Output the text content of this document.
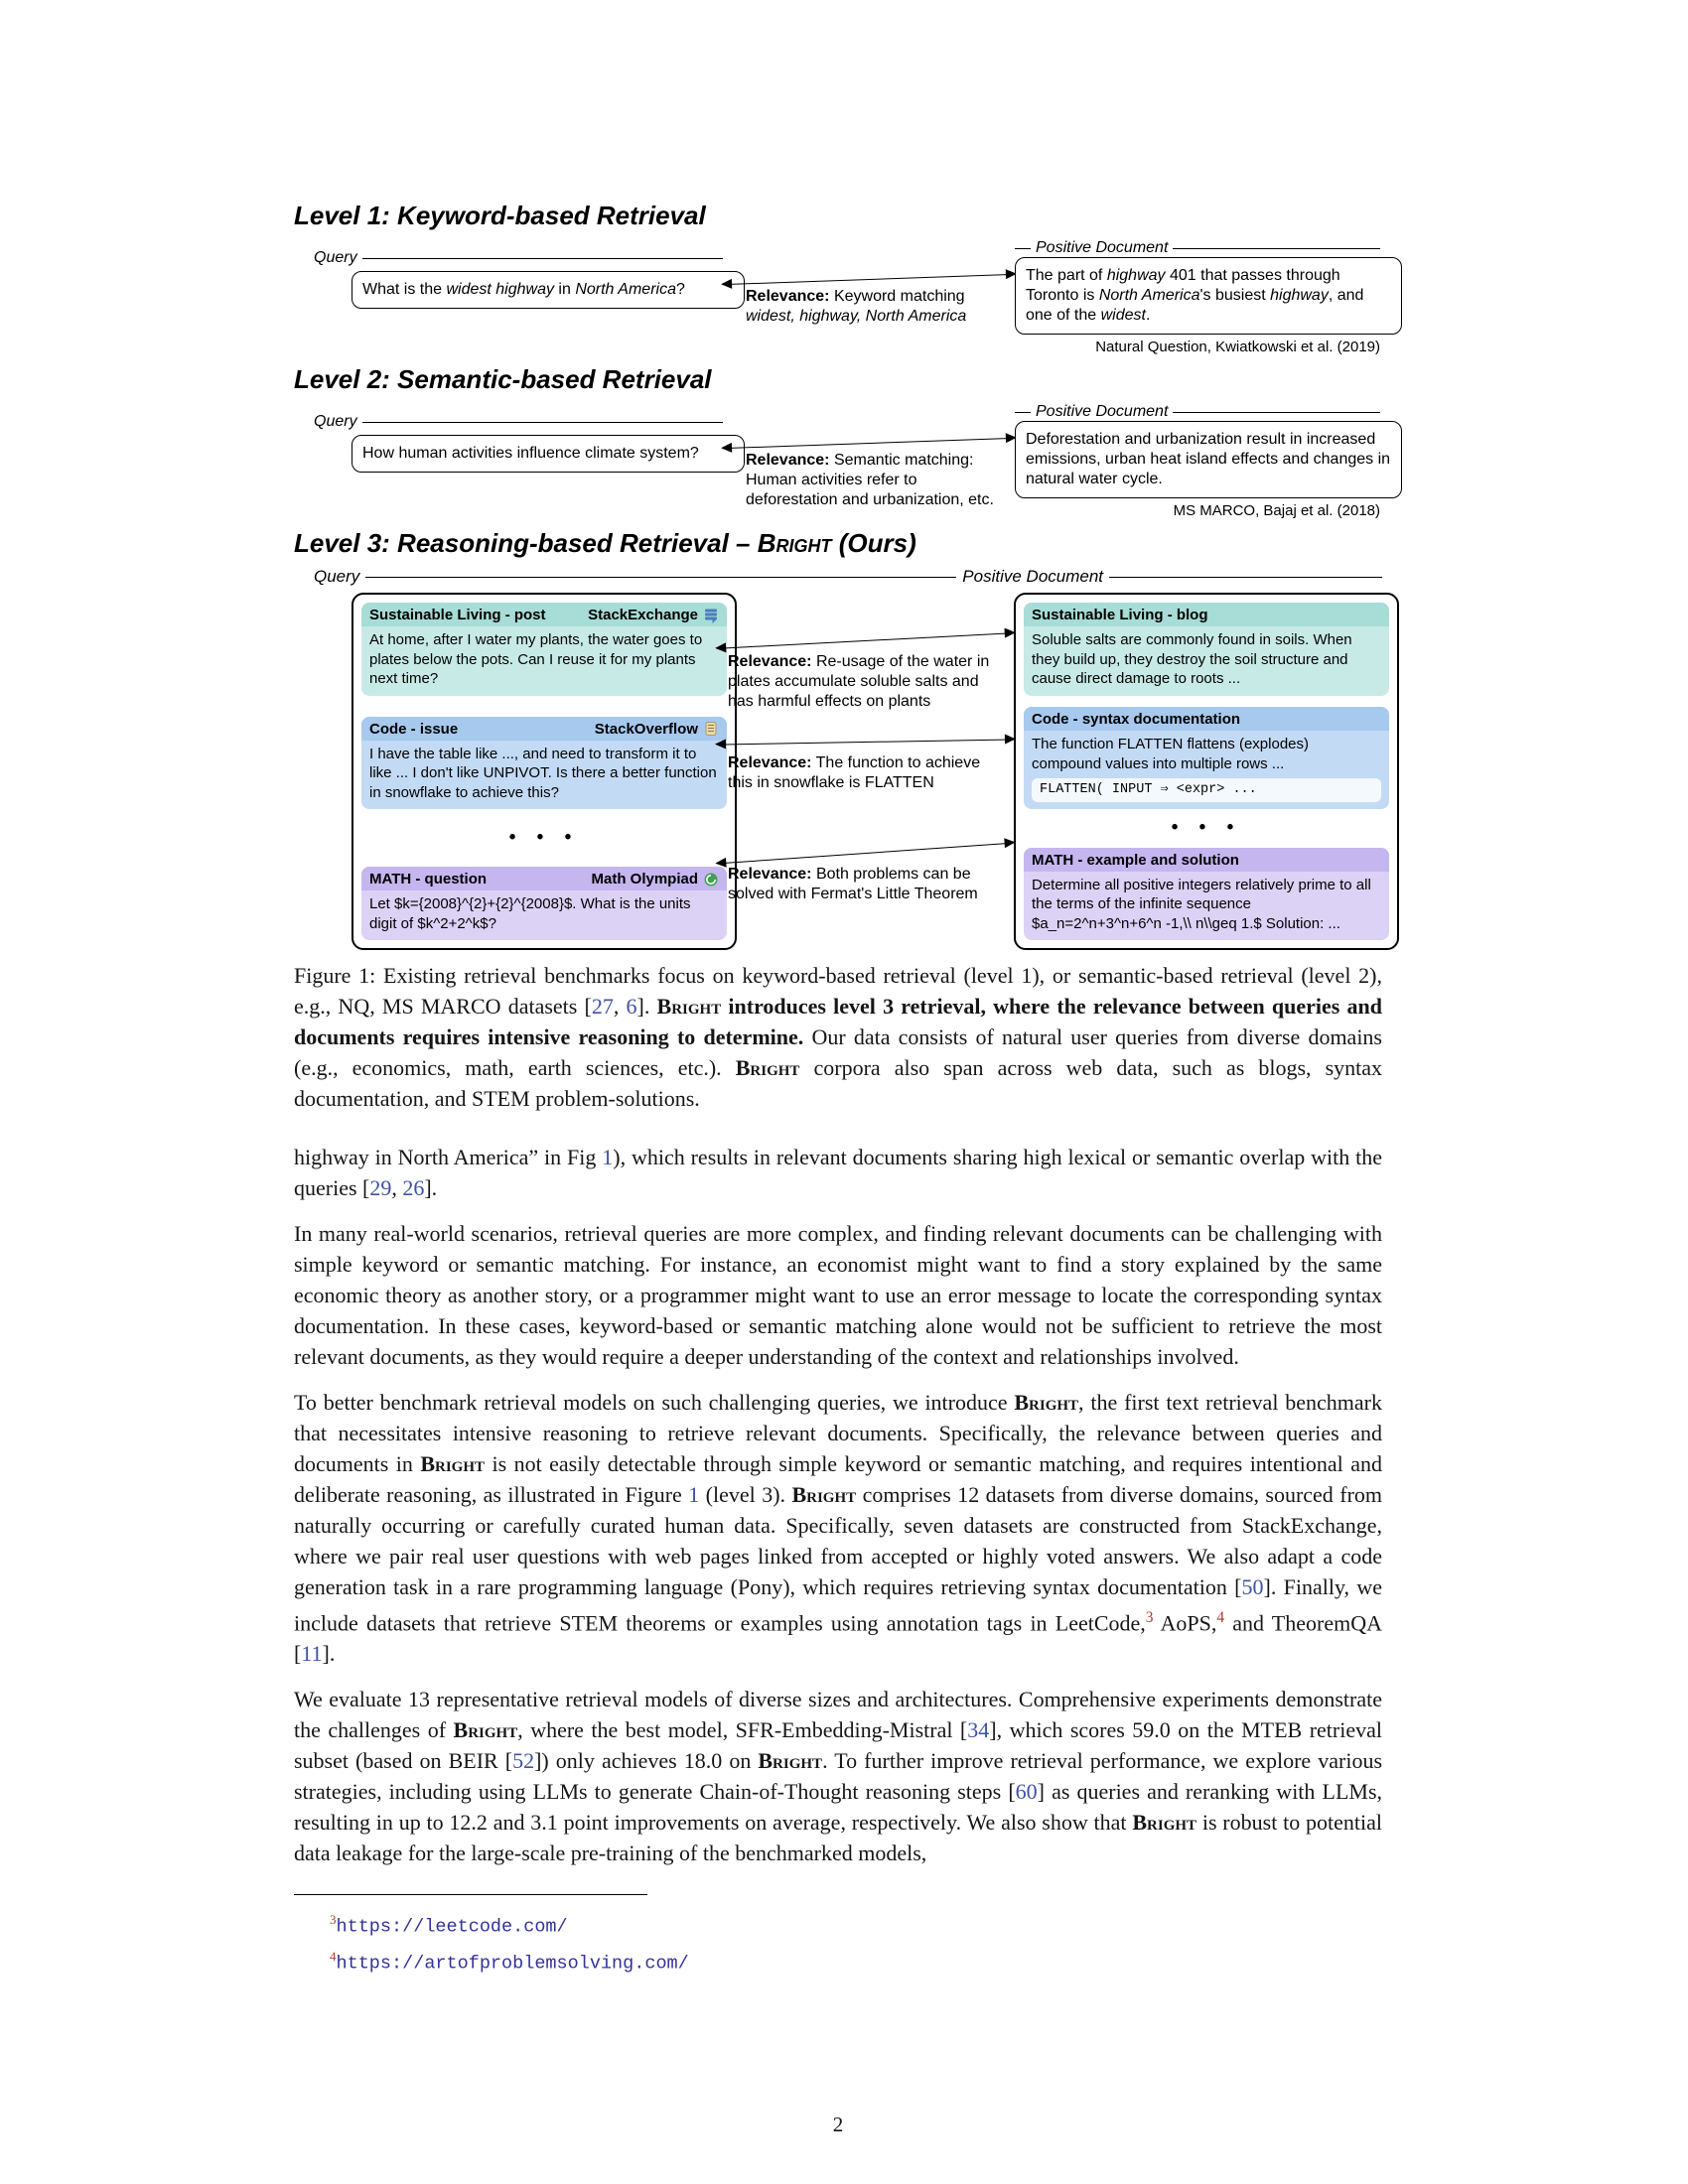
Level 1: Keyword-based Retrieval
Query
What is the widest highway in North America?	Relevance: Keyword matching widest, highway, North America
Positive Document
The part of highway 401 that passes through Toronto is North America's busiest highway, and one of the widest.
Natural Question, Kwiatkowski et al. (2019)
Level 2: Semantic-based Retrieval
Query
How human activities influence climate system?	Relevance: Semantic matching: Human activities refer to deforestation and urbanization, etc.
Positive Document
Deforestation and urbanization result in increased emissions, urban heat island effects and changes in natural water cycle.
MS MARCO, Bajaj et al. (2018)
Level 3: Reasoning-based Retrieval – Bright (Ours)
Query	Positive Document
Sustainable Living - post	StackExchange
At home, after I water my plants, the water goes to plates below the pots. Can I reuse it for my plants next time?
Code - issue	StackOverflow
I have the table like ..., and need to transform it to like ... I don't like UNPIVOT. Is there a better function in snowflake to achieve this?
• • •
MATH - question	Math Olympiad
Let $k={2008}^{2}+{2}^{2008}$. What is the units digit of $k^2+2^k$?
Relevance: Re-usage of the water in plates accumulate soluble salts and has harmful effects on plants
Relevance: The function to achieve this in snowflake is FLATTEN
Relevance: Both problems can be solved with Fermat's Little Theorem
Sustainable Living - blog
Soluble salts are commonly found in soils. When they build up, they destroy the soil structure and cause direct damage to roots ...
Code - syntax documentation
The function FLATTEN flattens (explodes) compound values into multiple rows ...
FLATTEN( INPUT ⇒ <expr> ...
• • •
MATH - example and solution
Determine all positive integers relatively prime to all the terms of the infinite sequence $a_n=2^n+3^n+6^n -1,\\ n\\geq 1.$ Solution: ...

Figure 1: Existing retrieval benchmarks focus on keyword-based retrieval (level 1), or semantic-based retrieval (level 2), e.g., NQ, MS MARCO datasets [27, 6]. Bright introduces level 3 retrieval, where the relevance between queries and documents requires intensive reasoning to determine. Our data consists of natural user queries from diverse domains (e.g., economics, math, earth sciences, etc.). Bright corpora also span across web data, such as blogs, syntax documentation, and STEM problem-solutions.

highway in North America” in Fig 1), which results in relevant documents sharing high lexical or semantic overlap with the queries [29, 26].

In many real-world scenarios, retrieval queries are more complex, and finding relevant documents can be challenging with simple keyword or semantic matching. For instance, an economist might want to find a story explained by the same economic theory as another story, or a programmer might want to use an error message to locate the corresponding syntax documentation. In these cases, keyword-based or semantic matching alone would not be sufficient to retrieve the most relevant documents, as they would require a deeper understanding of the context and relationships involved.

To better benchmark retrieval models on such challenging queries, we introduce Bright, the first text retrieval benchmark that necessitates intensive reasoning to retrieve relevant documents. Specifically, the relevance between queries and documents in Bright is not easily detectable through simple keyword or semantic matching, and requires intentional and deliberate reasoning, as illustrated in Figure 1 (level 3). Bright comprises 12 datasets from diverse domains, sourced from naturally occurring or carefully curated human data. Specifically, seven datasets are constructed from StackExchange, where we pair real user questions with web pages linked from accepted or highly voted answers. We also adapt a code generation task in a rare programming language (Pony), which requires retrieving syntax documentation [50]. Finally, we include datasets that retrieve STEM theorems or examples using annotation tags in LeetCode,$^3$ AoPS,$^4$ and TheoremQA [11].

We evaluate 13 representative retrieval models of diverse sizes and architectures. Comprehensive experiments demonstrate the challenges of Bright, where the best model, SFR-Embedding-Mistral [34], which scores 59.0 on the MTEB retrieval subset (based on BEIR [52]) only achieves 18.0 on Bright. To further improve retrieval performance, we explore various strategies, including using LLMs to generate Chain-of-Thought reasoning steps [60] as queries and reranking with LLMs, resulting in up to 12.2 and 3.1 point improvements on average, respectively. We also show that Bright is robust to potential data leakage for the large-scale pre-training of the benchmarked models,

$^3$https://leetcode.com/
$^4$https://artofproblemsolving.com/
2
